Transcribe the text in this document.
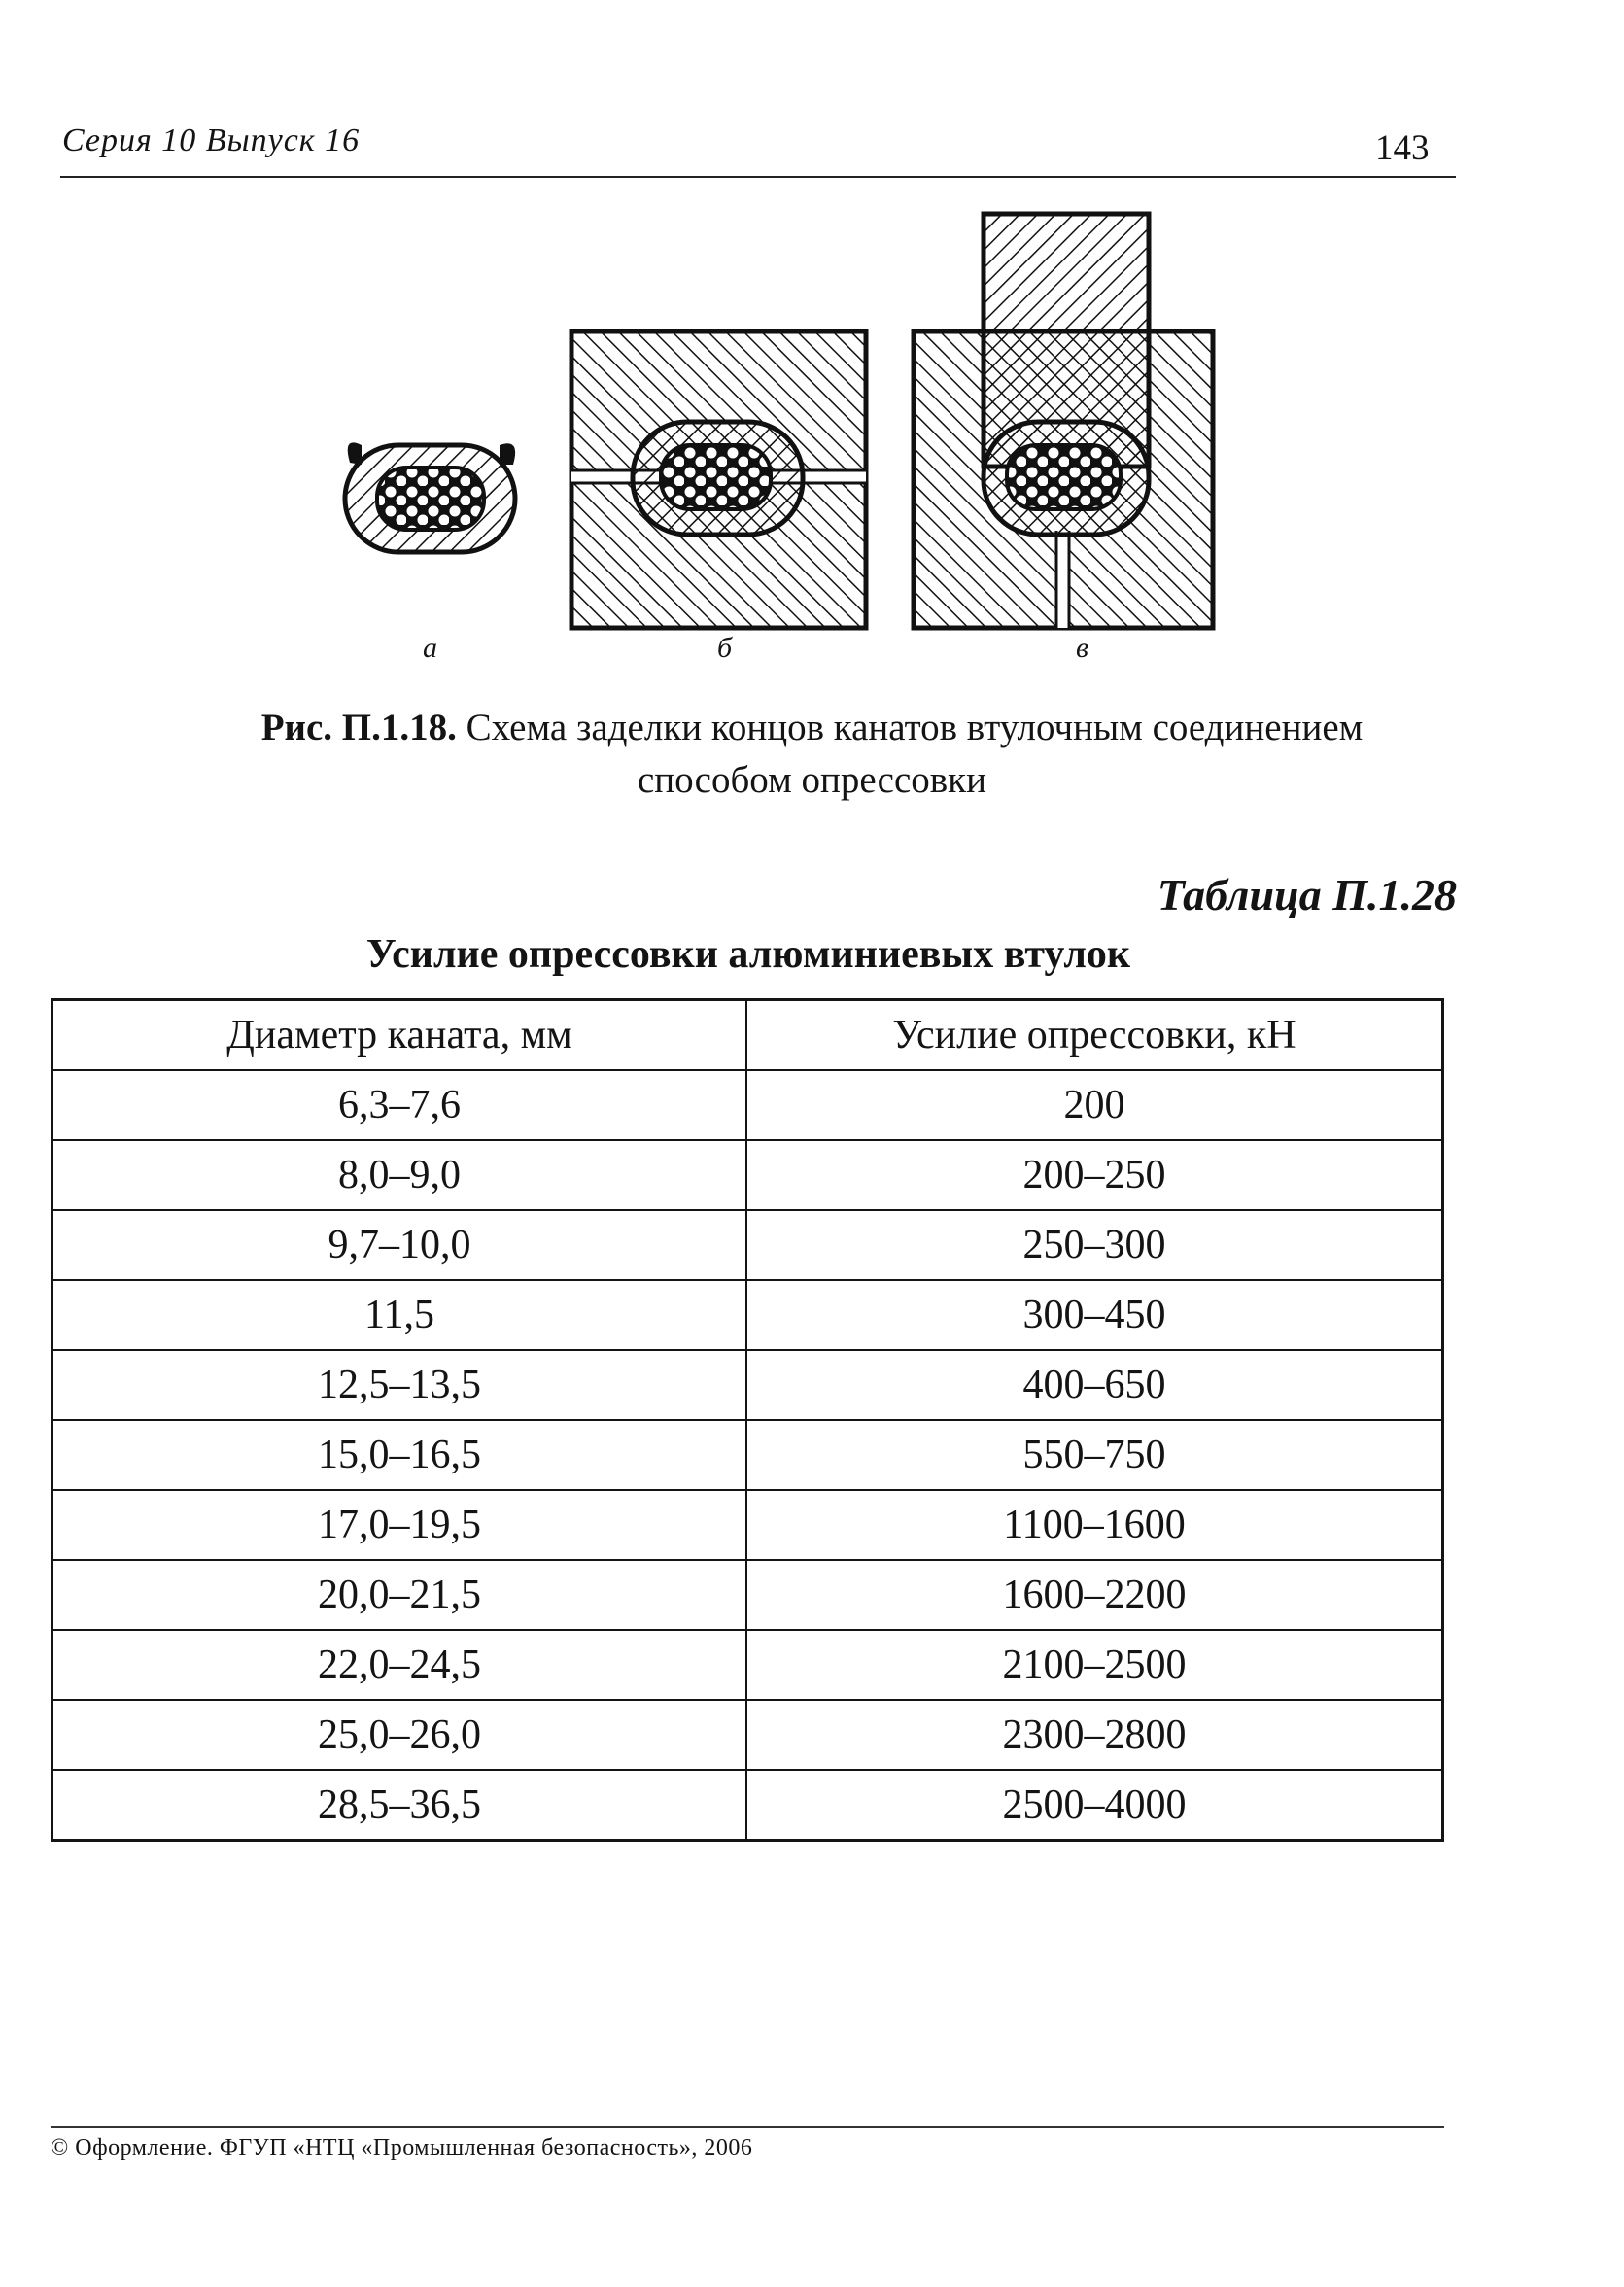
Серия 10 Выпуск 16	143
а	б	в
Рис. П.1.18. Схема заделки концов канатов втулочным соединением
способом опрессовки
Таблица П.1.28
Усилие опрессовки алюминиевых втулок
Диаметр каната, мм	Усилие опрессовки, кН
6,3–7,6	200
8,0–9,0	200–250
9,7–10,0	250–300
11,5	300–450
12,5–13,5	400–650
15,0–16,5	550–750
17,0–19,5	1100–1600
20,0–21,5	1600–2200
22,0–24,5	2100–2500
25,0–26,0	2300–2800
28,5–36,5	2500–4000
© Оформление. ФГУП «НТЦ «Промышленная безопасность», 2006
